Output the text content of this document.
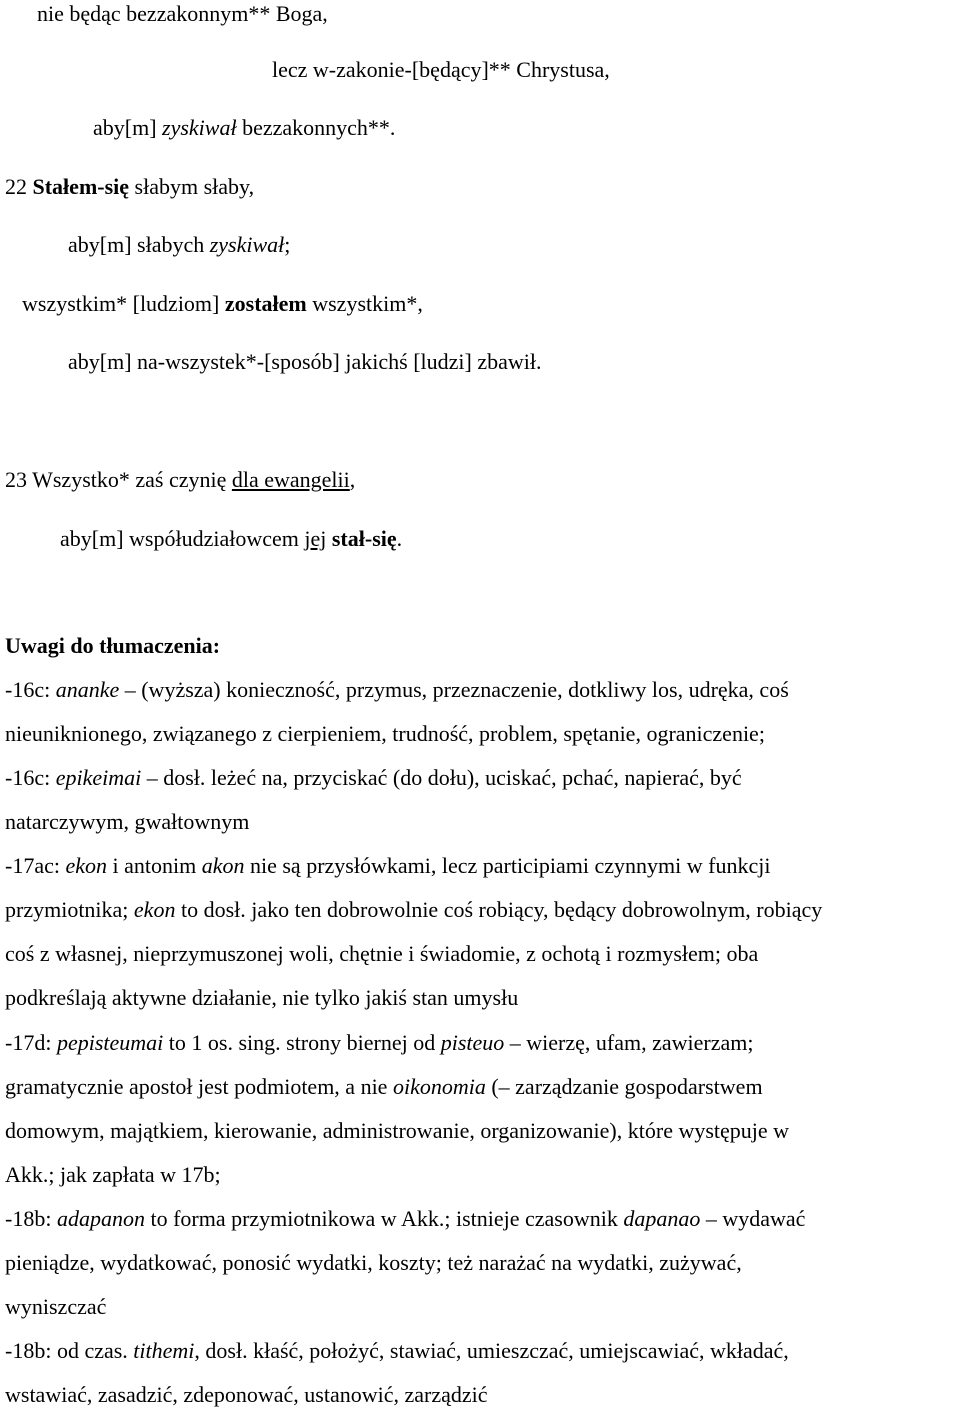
nie będąc bezzakonnym** Boga,
lecz w-zakonie-[będący]** Chrystusa,
aby[m] zyskiwał bezzakonnych**.
22 Stałem-się słabym słaby,
aby[m] słabych zyskiwał;
wszystkim* [ludziom] zostałem wszystkim*,
aby[m] na-wszystek*-[sposób] jakichś [ludzi] zbawił.
23 Wszystko* zaś czynię dla ewangelii,
aby[m] współudziałowcem jej stał-się.
Uwagi do tłumaczenia:
-16c: ananke – (wyższa) konieczność, przymus, przeznaczenie, dotkliwy los, udręka, coś
nieuniknionego, związanego z cierpieniem, trudność, problem, spętanie, ograniczenie;
-16c: epikeimai – dosł. leżeć na, przyciskać (do dołu), uciskać, pchać, napierać, być
natarczywym, gwałtownym
-17ac: ekon i antonim akon nie są przysłówkami, lecz participiami czynnymi w funkcji
przymiotnika; ekon to dosł. jako ten dobrowolnie coś robiący, będący dobrowolnym, robiący
coś z własnej, nieprzymuszonej woli, chętnie i świadomie, z ochotą i rozmysłem; oba
podkreślają aktywne działanie, nie tylko jakiś stan umysłu
-17d: pepisteumai to 1 os. sing. strony biernej od pisteuo – wierzę, ufam, zawierzam;
gramatycznie apostoł jest podmiotem, a nie oikonomia (– zarządzanie gospodarstwem
domowym, majątkiem, kierowanie, administrowanie, organizowanie), które występuje w
Akk.; jak zapłata w 17b;
-18b: adapanon to forma przymiotnikowa w Akk.; istnieje czasownik dapanao – wydawać
pieniądze, wydatkować, ponosić wydatki, koszty; też narażać na wydatki, zużywać,
wyniszczać
-18b: od czas. tithemi, dosł. kłaść, położyć, stawiać, umieszczać, umiejscawiać, wkładać,
wstawiać, zasadzić, zdeponować, ustanowić, zarządzić
